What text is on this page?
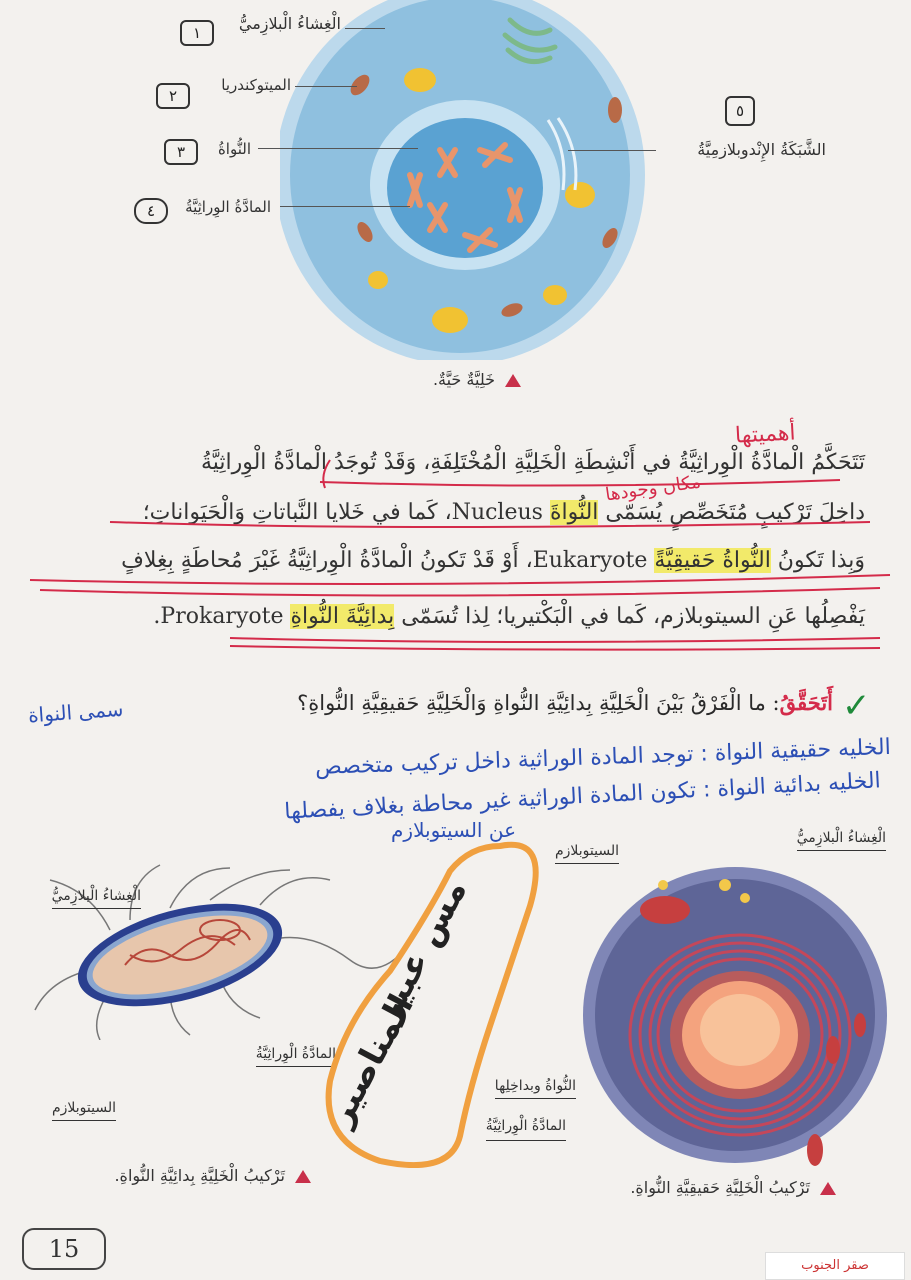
الْغِشاءُ الْبلازِميُّ
١
الميتوكندريا
٢
النُّواةُ
٣
المادَّةُ الوِراثِيَّةُ
٤
الشَّبَكَةُ الإِنْدوبلازمِيَّةُ
٥
خَلِيَّةٌ حَيَّةٌ.
أهميتها
مكان وجودها
تَتَحَكَّمُ الْمادَّةُ الْوِراثِيَّةُ في أَنْشِطَةِ الْخَلِيَّةِ الْمُخْتَلِفَةِ، وَقَدْ تُوجَدُ الْمادَّةُ الْوِراثِيَّةُ
داخِلَ تَرْكيبٍ مُتَخَصِّصٍ يُسَمّى النُّواةَ Nucleus، كَما في خَلايا النَّباتاتِ وَالْحَيَواناتِ؛
وَبِذا تَكونُ النُّواةُ حَقيقِيَّةً Eukaryote، أَوْ قَدْ تَكونُ الْمادَّةُ الْوِراثِيَّةُ غَيْرَ مُحاطَةٍ بِغِلافٍ
يَفْصِلُها عَنِ السيتوبلازم، كَما في الْبَكْتيريا؛ لِذا تُسَمّى بِدائِيَّةَ النُّواةِ Prokaryote.
✓
أَتَحَقَّقُ: ما الْفَرْقُ بَيْنَ الْخَلِيَّةِ بِدائِيَّةِ النُّواةِ وَالْخَلِيَّةِ حَقيقِيَّةِ النُّواةِ؟
سمى النواة
الخليه حقيقية النواة : توجد المادة الوراثية داخل تركيب متخصص
الخليه بدائية النواة : تكون المادة الوراثية غير محاطة بغلاف يفصلها
عن السيتوبلازم
الْغِشاءُ الْبلازِميُّ
المادَّةُ الْوِراثِيَّةُ
السيتوبلازم
تَرْكيبُ الْخَلِيَّةِ بِدائِيَّةِ النُّواةِ.
مس عبير
المناصير
السيتوبلازم
الْغِشاءُ الْبلازِميُّ
النُّواةُ وبداخِلِها
المادَّةُ الْوِراثِيَّةُ
تَرْكيبُ الْخَلِيَّةِ حَقيقِيَّةِ النُّواةِ.
15
صقر الجنوب
